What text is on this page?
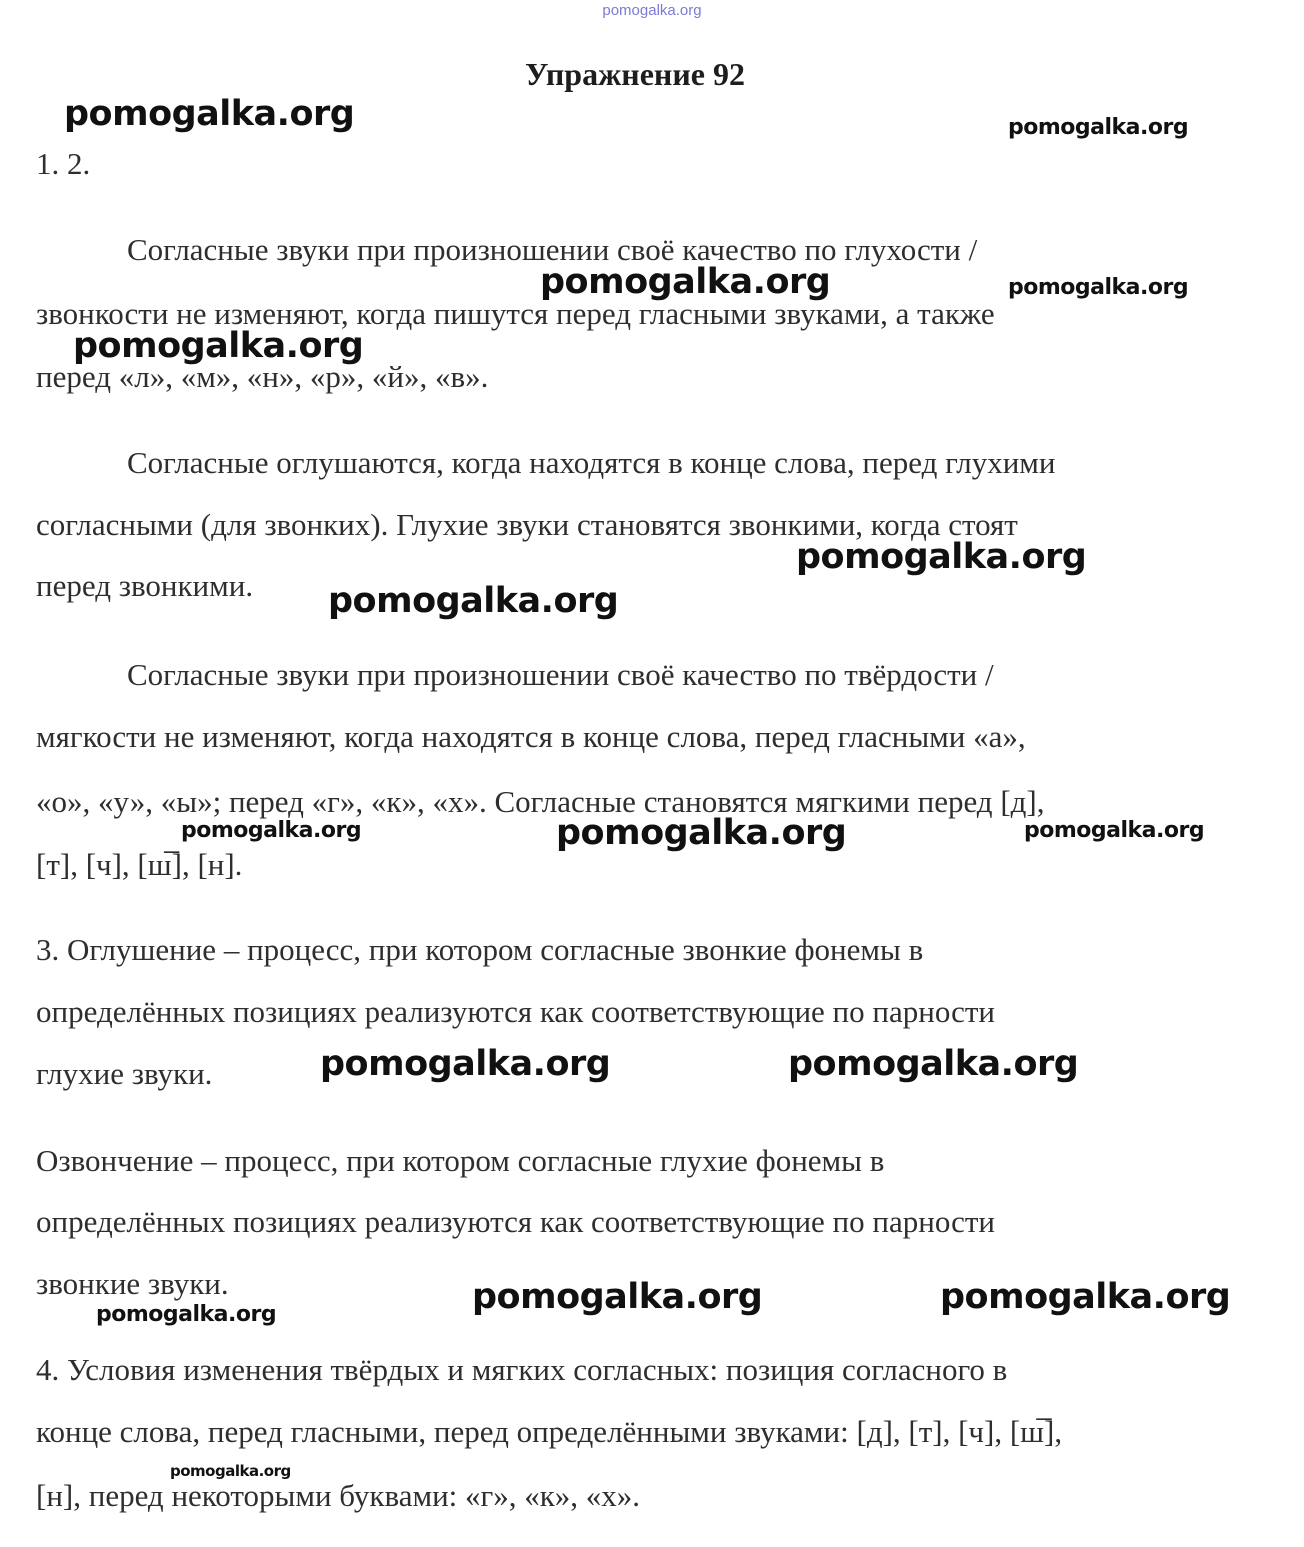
pomogalka.org
Упражнение 92
1. 2.
Согласные звуки при произношении своё качество по глухости /
звонкости не изменяют, когда пишутся перед гласными звуками, а также
перед «л», «м», «н», «р», «й», «в».
Согласные оглушаются, когда находятся в конце слова, перед глухими
согласными (для звонких). Глухие звуки становятся звонкими, когда стоят
перед звонкими.
Согласные звуки при произношении своё качество по твёрдости /
мягкости не изменяют, когда находятся в конце слова, перед гласными «а»,
«о», «у», «ы»; перед «г», «к», «х». Согласные становятся мягкими перед [д],
[т], [ч], [ш̅], [н].
3. Оглушение – процесс, при котором согласные звонкие фонемы в
определённых позициях реализуются как соответствующие по парности
глухие звуки.
Озвончение – процесс, при котором согласные глухие фонемы в
определённых позициях реализуются как соответствующие по парности
звонкие звуки.
4. Условия изменения твёрдых и мягких согласных: позиция согласного в
конце слова, перед гласными, перед определёнными звуками: [д], [т], [ч], [ш̅],
[н], перед некоторыми буквами: «г», «к», «х».
pomogalka.org	pomogalka.org
pomogalka.org	pomogalka.org
pomogalka.org
pomogalka.org
pomogalka.org
pomogalka.org	pomogalka.org	pomogalka.org
pomogalka.org	pomogalka.org
pomogalka.org	pomogalka.org
pomogalka.org
pomogalka.org
